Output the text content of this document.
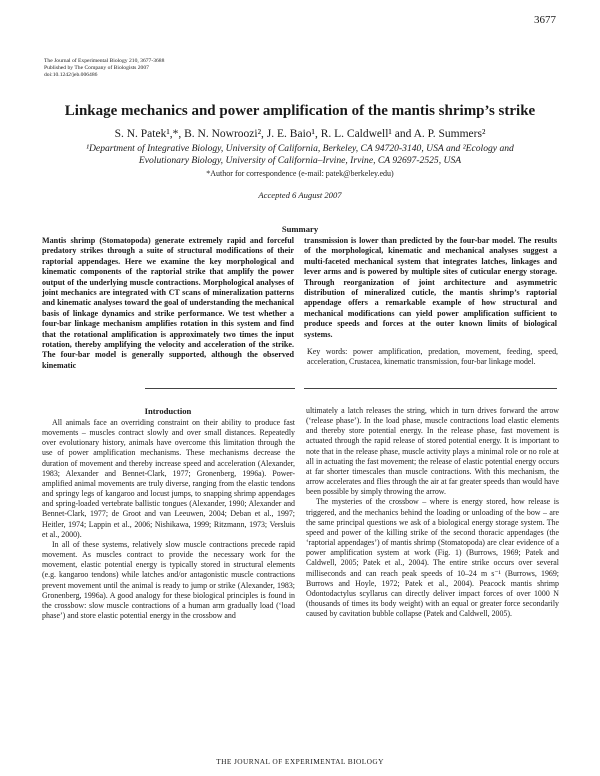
3677
The Journal of Experimental Biology 210, 3677-3688
Published by The Company of Biologists 2007
doi:10.1242/jeb.006486
Linkage mechanics and power amplification of the mantis shrimp’s strike
S. N. Patek¹,*, B. N. Nowroozi², J. E. Baio¹, R. L. Caldwell¹ and A. P. Summers²
¹Department of Integrative Biology, University of California, Berkeley, CA 94720-3140, USA and ²Ecology and
Evolutionary Biology, University of California–Irvine, Irvine, CA 92697-2525, USA
*Author for correspondence (e-mail: patek@berkeley.edu)
Accepted 6 August 2007
Summary
Mantis shrimp (Stomatopoda) generate extremely rapid and forceful predatory strikes through a suite of structural modifications of their raptorial appendages. Here we examine the key morphological and kinematic components of the raptorial strike that amplify the power output of the underlying muscle contractions. Morphological analyses of joint mechanics are integrated with CT scans of mineralization patterns and kinematic analyses toward the goal of understanding the mechanical basis of linkage dynamics and strike performance. We test whether a four-bar linkage mechanism amplifies rotation in this system and find that the rotational amplification is approximately two times the input rotation, thereby amplifying the velocity and acceleration of the strike. The four-bar model is generally supported, although the observed kinematic
transmission is lower than predicted by the four-bar model. The results of the morphological, kinematic and mechanical analyses suggest a multi-faceted mechanical system that integrates latches, linkages and lever arms and is powered by multiple sites of cuticular energy storage. Through reorganization of joint architecture and asymmetric distribution of mineralized cuticle, the mantis shrimp’s raptorial appendage offers a remarkable example of how structural and mechanical modifications can yield power amplification sufficient to produce speeds and forces at the outer known limits of biological systems.
Key words: power amplification, predation, movement, feeding, speed, acceleration, Crustacea, kinematic transmission, four-bar linkage model.
Introduction

All animals face an overriding constraint on their ability to produce fast movements – muscles contract slowly and over small distances. Repeatedly over evolutionary history, animals have overcome this limitation through the use of power amplification mechanisms. These mechanisms decrease the duration of movement and thereby increase speed and acceleration (Alexander, 1983; Alexander and Bennet-Clark, 1977; Gronenberg, 1996a). Power-amplified animal movements are truly diverse, ranging from the elastic tendons and springy legs of kangaroo and locust jumps, to snapping shrimp appendages and spring-loaded vertebrate ballistic tongues (Alexander, 1990; Alexander and Bennet-Clark, 1977; de Groot and van Leeuwen, 2004; Deban et al., 1997; Heitler, 1974; Lappin et al., 2006; Nishikawa, 1999; Ritzmann, 1973; Versluis et al., 2000).

In all of these systems, relatively slow muscle contractions precede rapid movement. As muscles contract to provide the necessary work for the movement, elastic potential energy is typically stored in structural elements (e.g. kangaroo tendons) while latches and/or antagonistic muscle contractions prevent movement until the animal is ready to jump or strike (Alexander, 1983; Gronenberg, 1996a). A good analogy for these biological principles is found in the crossbow: slow muscle contractions of a human arm gradually load (‘load phase’) and store elastic potential energy in the crossbow and

ultimately a latch releases the string, which in turn drives forward the arrow (‘release phase’). In the load phase, muscle contractions load elastic elements and thereby store potential energy. In the release phase, fast movement is actuated through the rapid release of stored potential energy. It is important to note that in the release phase, muscle activity plays a minimal role or no role at all in actuating the fast movement; the release of elastic potential energy occurs at far shorter timescales than muscle contractions. With this mechanism, the arrow accelerates and flies through the air at far greater speeds than would have been possible by simply throwing the arrow.

The mysteries of the crossbow – where is energy stored, how release is triggered, and the mechanics behind the loading or unloading of the bow – are the same principal questions we ask of a biological energy storage system. The speed and power of the killing strike of the second thoracic appendages (the ‘raptorial appendages’) of mantis shrimp (Stomatopoda) are clear evidence of a power amplification system at work (Fig. 1) (Burrows, 1969; Patek and Caldwell, 2005; Patek et al., 2004). The entire strike occurs over several milliseconds and can reach peak speeds of 10–24 m s⁻¹ (Burrows, 1969; Burrows and Hoyle, 1972; Patek et al., 2004). Peacock mantis shrimp Odontodactylus scyllarus can directly deliver impact forces of over 1000 N (thousands of times its body weight) with an equal or greater force secondarily caused by cavitation bubble collapse (Patek and Caldwell, 2005).

THE JOURNAL OF EXPERIMENTAL BIOLOGY
